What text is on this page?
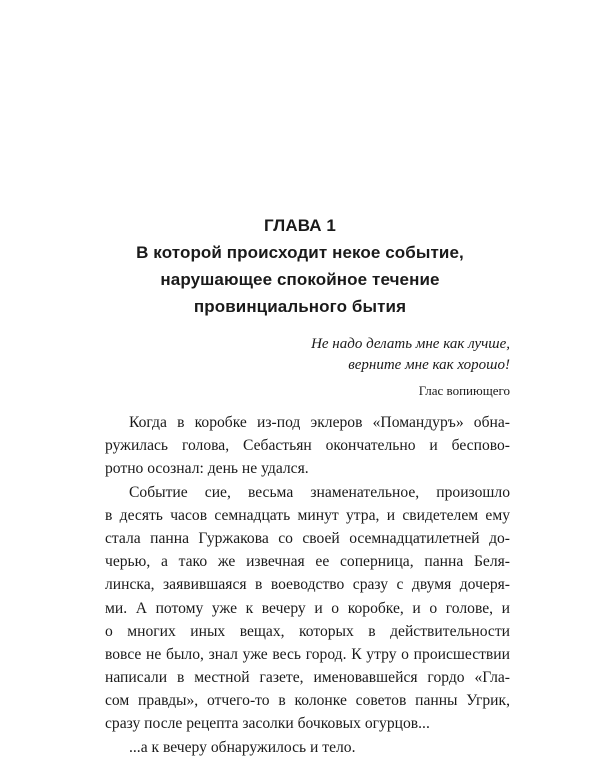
ГЛАВА 1
В которой происходит некое событие,
нарушающее спокойное течение
провинциального бытия
Не надо делать мне как лучше,
верните мне как хорошо!
Глас вопиющего
Когда в коробке из-под эклеров «Помандуръ» обна-
ружилась голова, Себастьян окончательно и беспово-
ротно осознал: день не удался.
Событие сие, весьма знаменательное, произошло
в десять часов семнадцать минут утра, и свидетелем ему
стала панна Гуржакова со своей осемнадцатилетней до-
черью, а тако же извечная ее соперница, панна Беля-
линска, заявившаяся в воеводство сразу с двумя дочеря-
ми. А потому уже к вечеру и о коробке, и о голове, и
о многих иных вещах, которых в действительности
вовсе не было, знал уже весь город. К утру о происшествии
написали в местной газете, именовавшейся гордо «Гла-
сом правды», отчего-то в колонке советов панны Угрик,
сразу после рецепта засолки бочковых огурцов...
...а к вечеру обнаружилось и тело.
